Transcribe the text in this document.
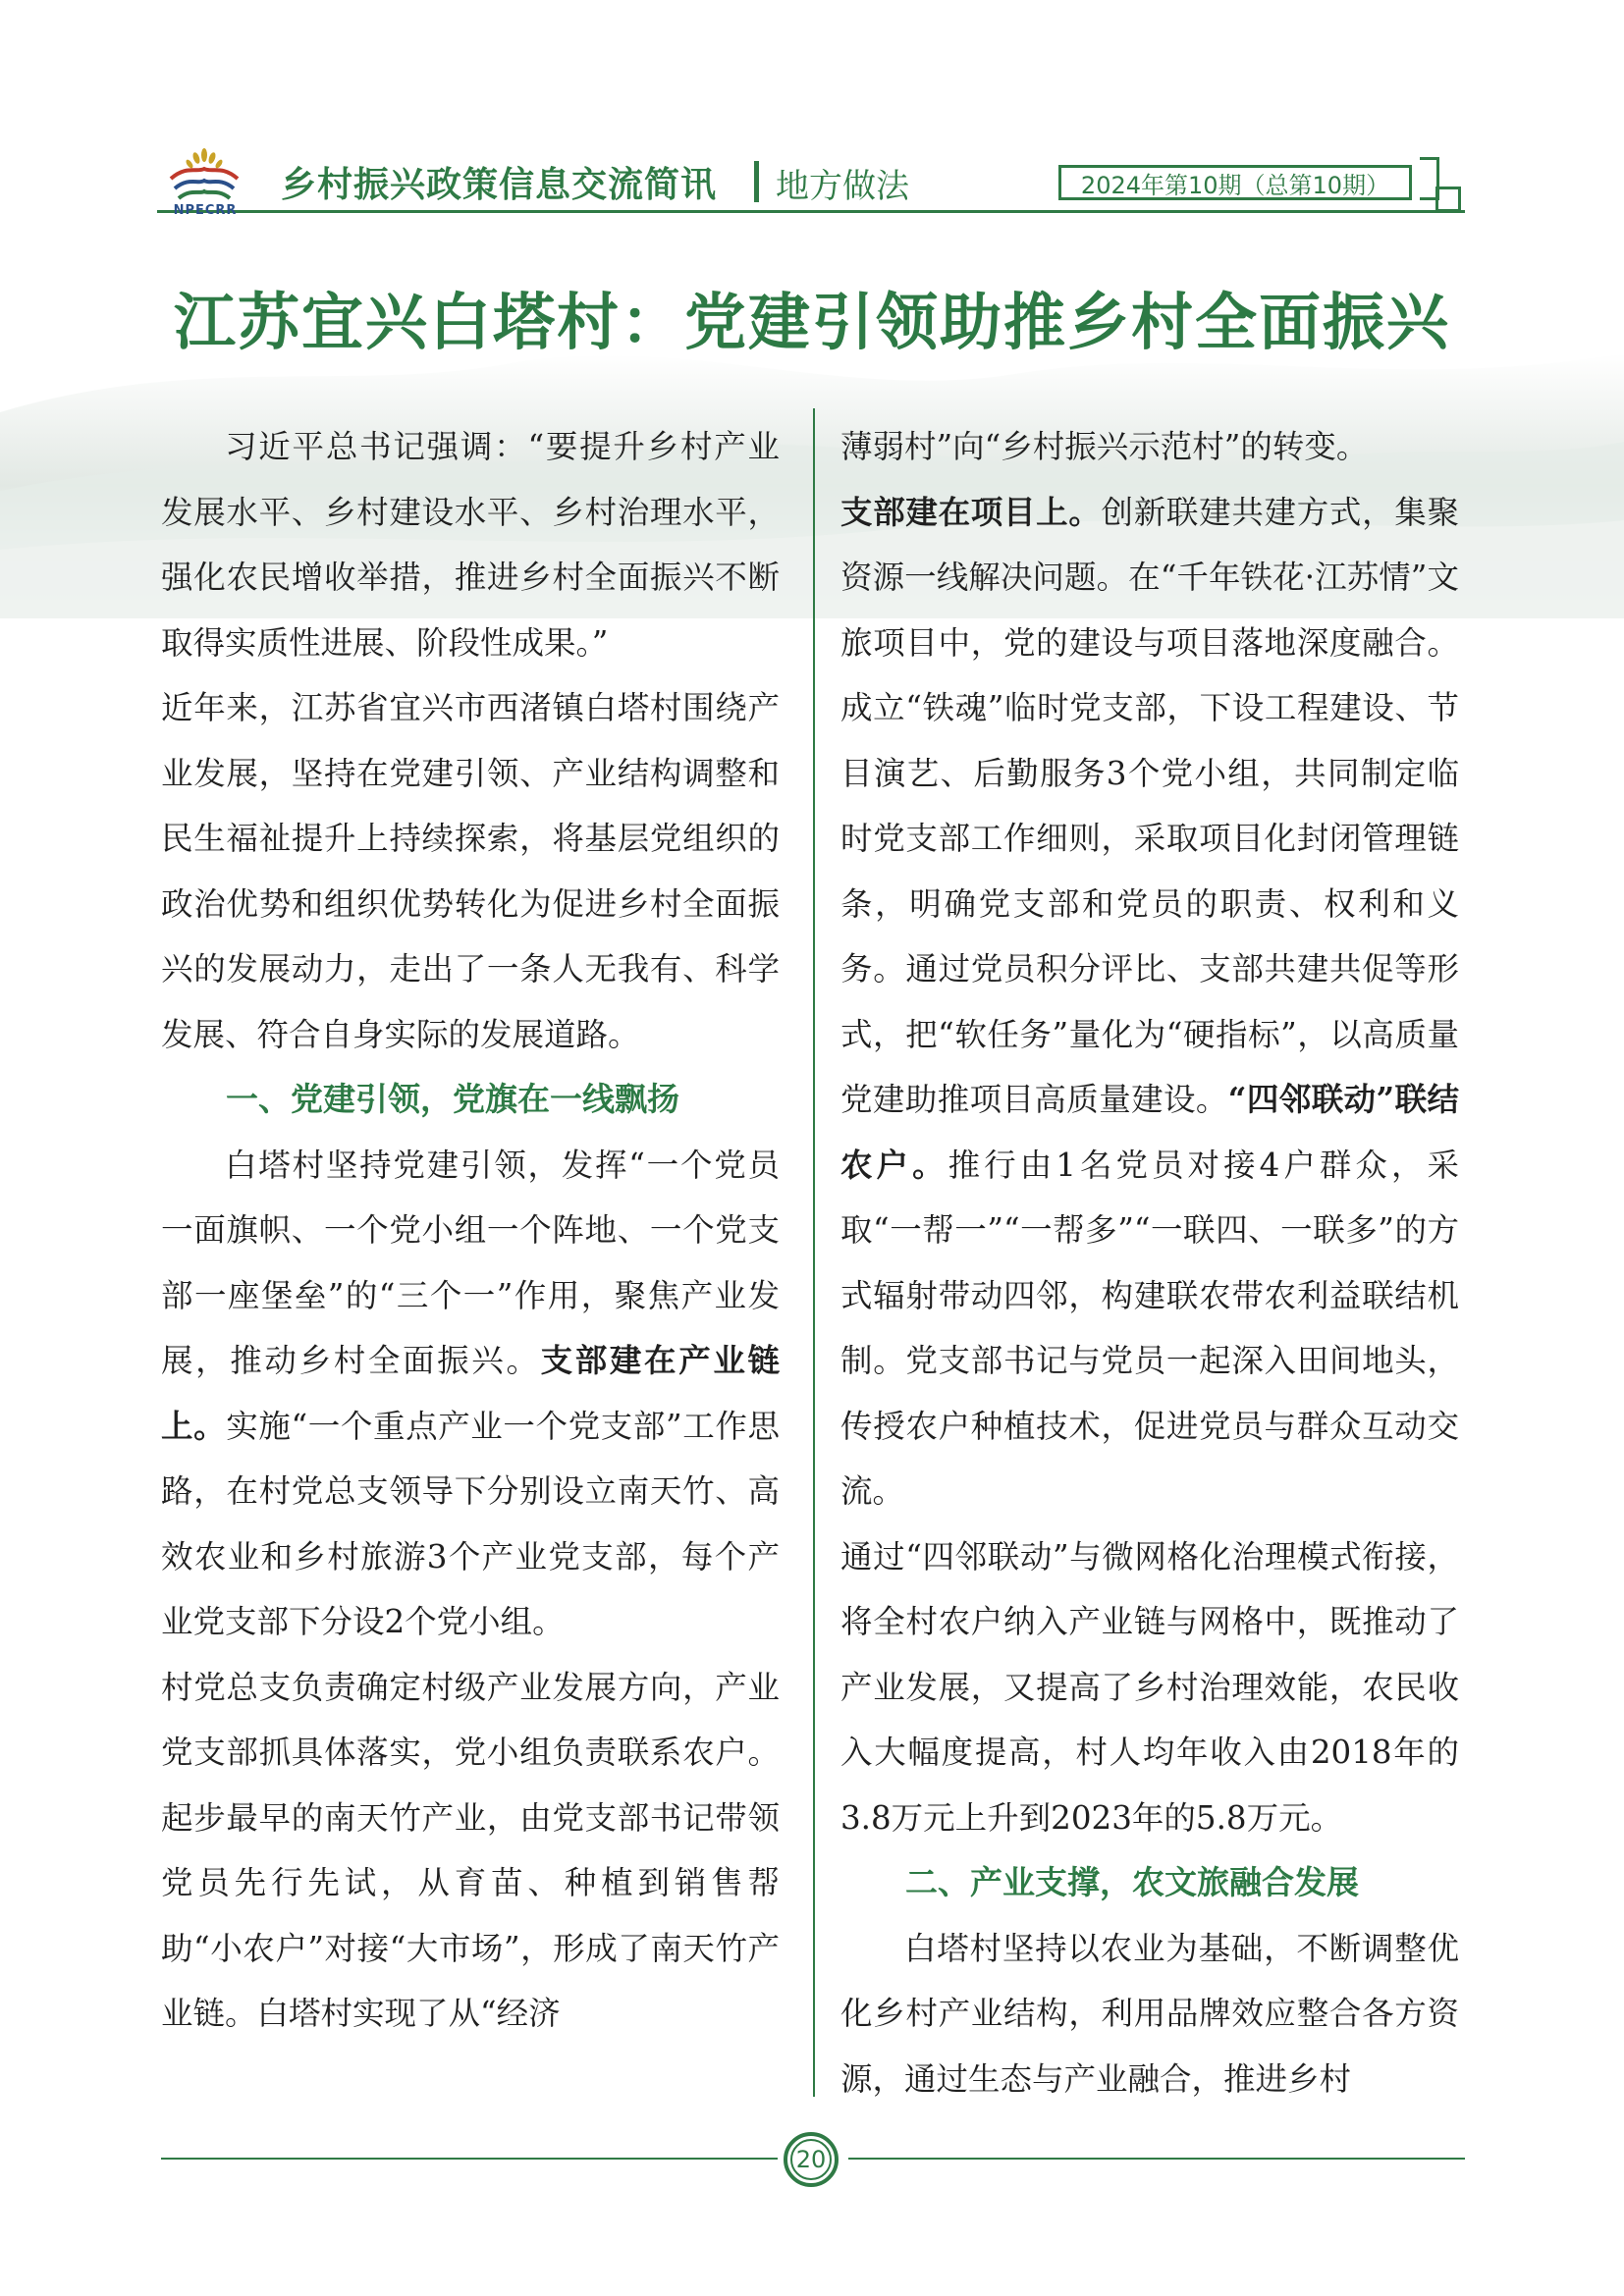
NPECRR
乡村振兴政策信息交流简讯 地方做法	2024年第10期（总第10期）
江苏宜兴白塔村：党建引领助推乡村全面振兴

习近平总书记强调：“要提升乡村产业发展水平、乡村建设水平、乡村治理水平，强化农民增收举措，推进乡村全面振兴不断取得实质性进展、阶段性成果。”

近年来，江苏省宜兴市西渚镇白塔村围绕产业发展，坚持在党建引领、产业结构调整和民生福祉提升上持续探索，将基层党组织的政治优势和组织优势转化为促进乡村全面振兴的发展动力，走出了一条人无我有、科学发展、符合自身实际的发展道路。

一、党建引领，党旗在一线飘扬

白塔村坚持党建引领，发挥“一个党员一面旗帜、一个党小组一个阵地、一个党支部一座堡垒”的“三个一”作用，聚焦产业发展，推动乡村全面振兴。支部建在产业链上。实施“一个重点产业一个党支部”工作思路，在村党总支领导下分别设立南天竹、高效农业和乡村旅游3个产业党支部，每个产业党支部下分设2个党小组。

村党总支负责确定村级产业发展方向，产业党支部抓具体落实，党小组负责联系农户。起步最早的南天竹产业，由党支部书记带领党员先行先试，从育苗、种植到销售帮助“小农户”对接“大市场”，形成了南天竹产业链。白塔村实现了从“经济

薄弱村”向“乡村振兴示范村”的转变。

支部建在项目上。创新联建共建方式，集聚资源一线解决问题。在“千年铁花·江苏情”文旅项目中，党的建设与项目落地深度融合。成立“铁魂”临时党支部，下设工程建设、节目演艺、后勤服务3个党小组，共同制定临时党支部工作细则，采取项目化封闭管理链条，明确党支部和党员的职责、权利和义务。通过党员积分评比、支部共建共促等形式，把“软任务”量化为“硬指标”，以高质量党建助推项目高质量建设。“四邻联动”联结农户。推行由1名党员对接4户群众，采取“一帮一”“一帮多”“一联四、一联多”的方式辐射带动四邻，构建联农带农利益联结机制。党支部书记与党员一起深入田间地头，传授农户种植技术，促进党员与群众互动交流。

通过“四邻联动”与微网格化治理模式衔接，将全村农户纳入产业链与网格中，既推动了产业发展，又提高了乡村治理效能，农民收入大幅度提高，村人均年收入由2018年的3.8万元上升到2023年的5.8万元。

二、产业支撑，农文旅融合发展

白塔村坚持以农业为基础，不断调整优化乡村产业结构，利用品牌效应整合各方资源，通过生态与产业融合，推进乡村

20
